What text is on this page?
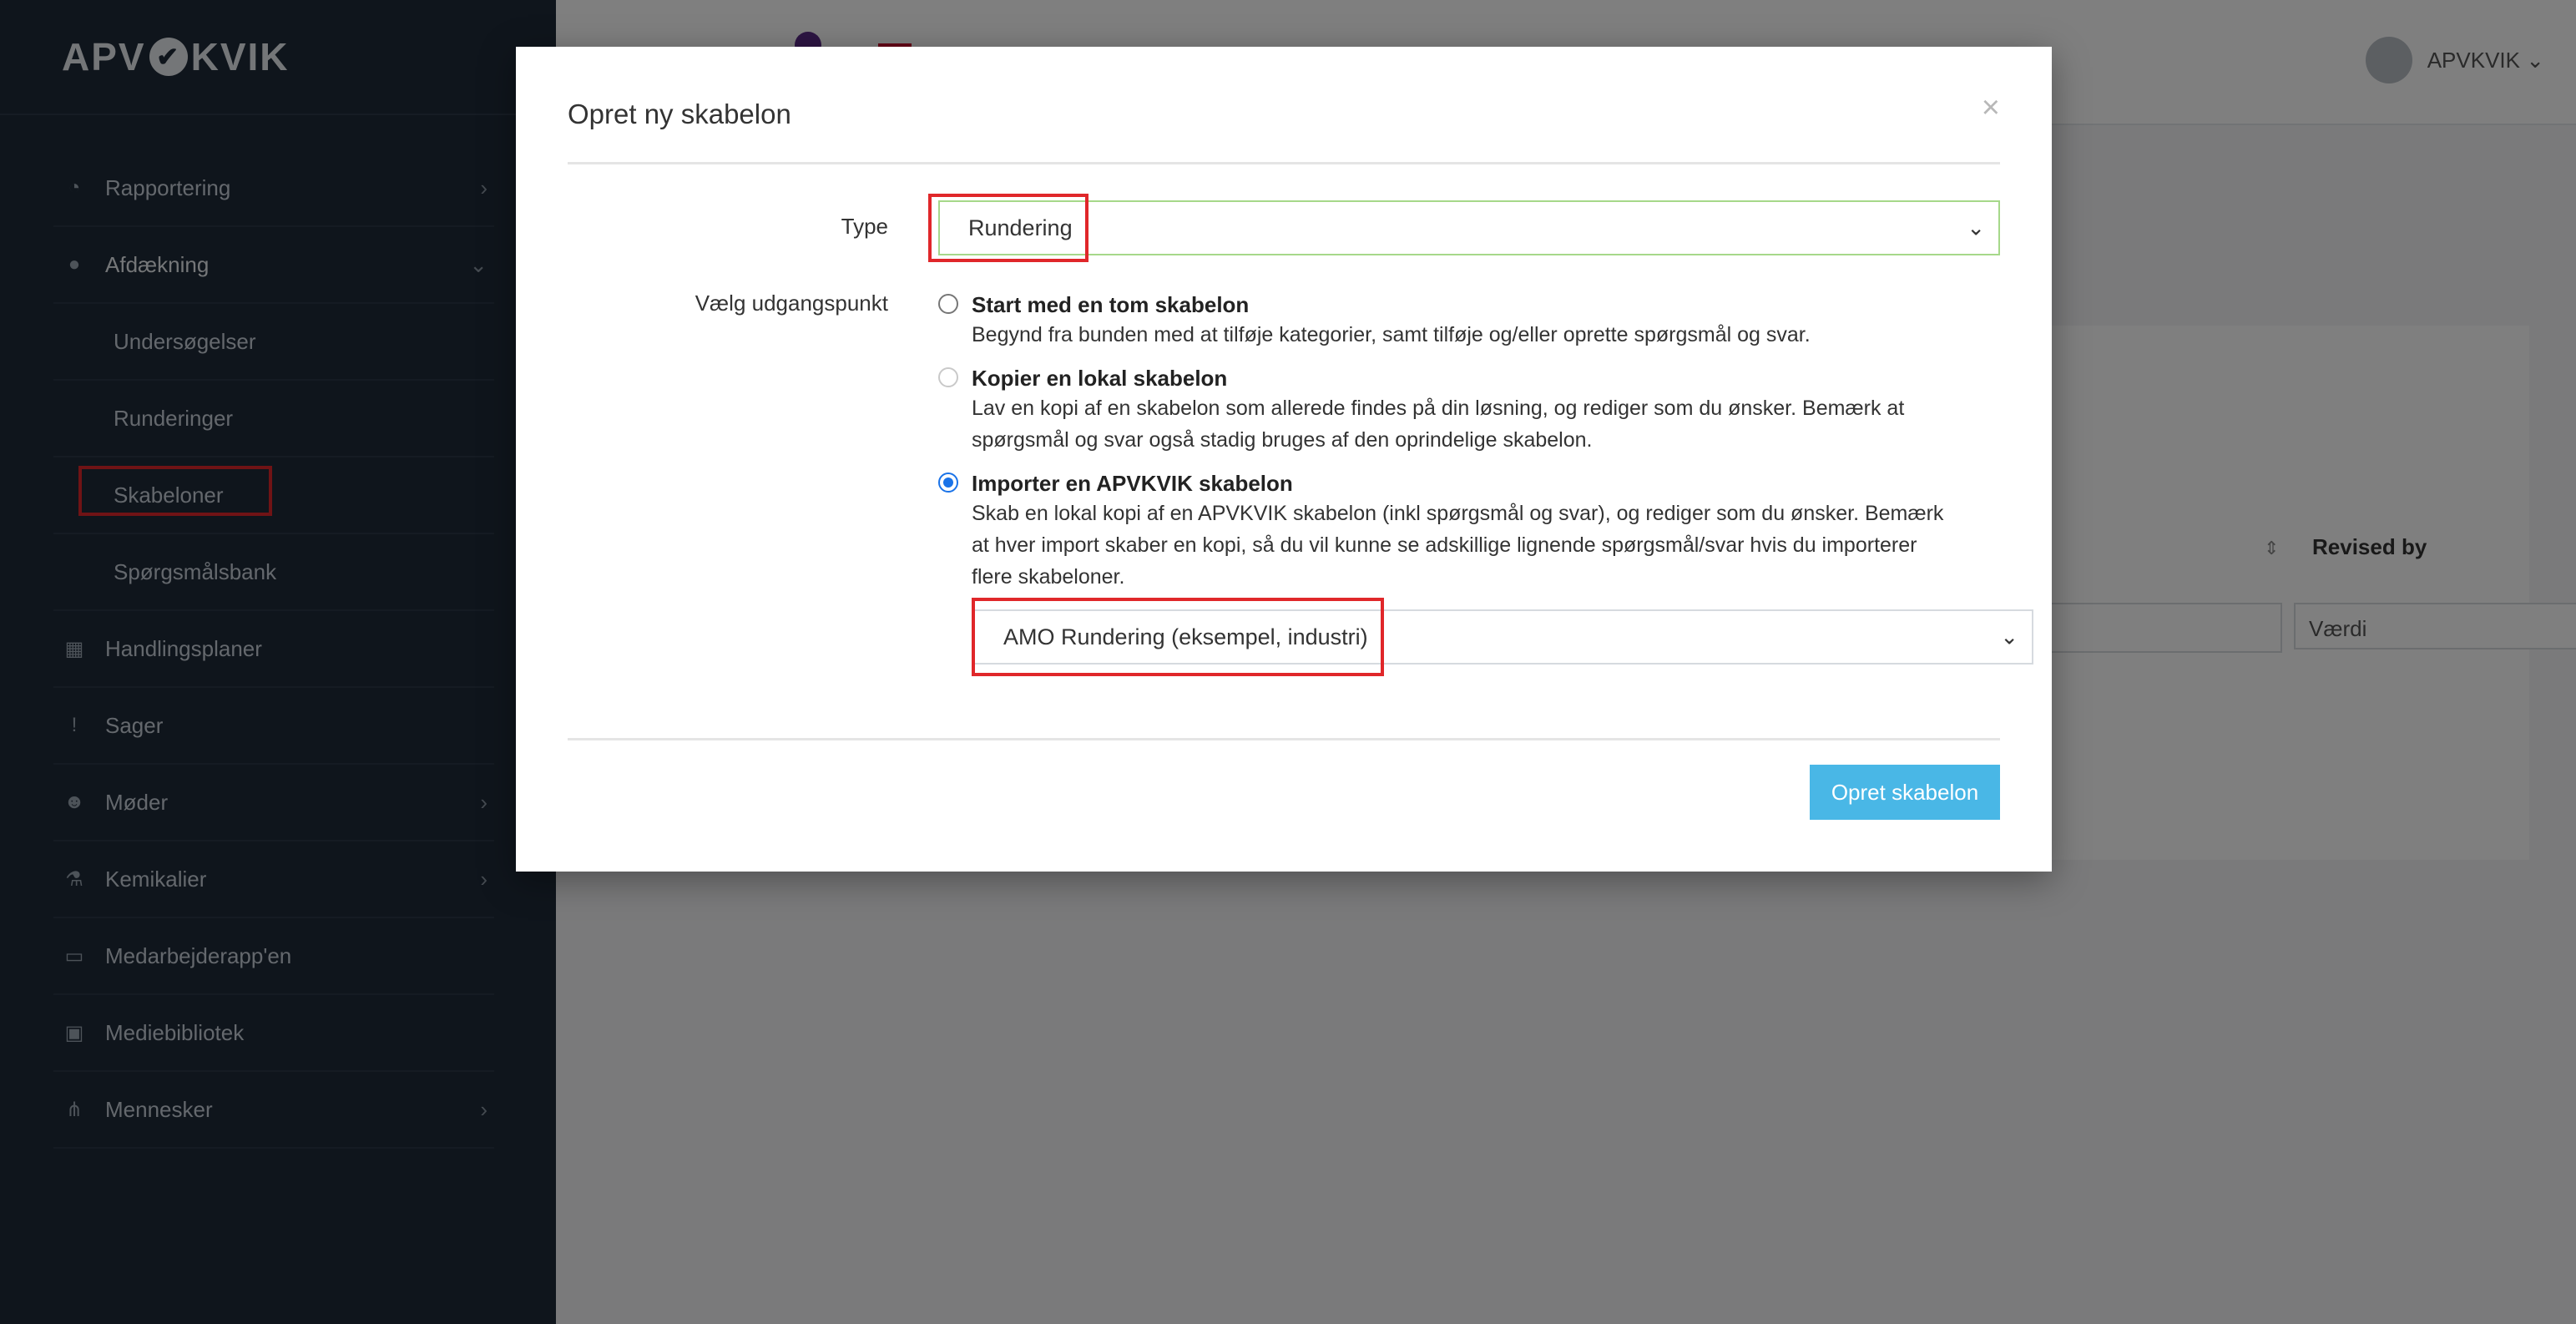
Opret ny skabelon	×
Type	Rundering	⌄
Vælg udgangspunkt	Start med en tom skabelon
Begynd fra bunden med at tilføje kategorier, samt tilføje og/eller oprette spørgsmål og svar.
Kopier en lokal skabelon
Lav en kopi af en skabelon som allerede findes på din løsning, og rediger som du ønsker. Bemærk at
spørgsmål og svar også stadig bruges af den oprindelige skabelon.
Importer en APVKVIK skabelon
Skab en lokal kopi af en APVKVIK skabelon (inkl spørgsmål og svar), og rediger som du ønsker. Bemærk
at hver import skaber en kopi, så du vil kunne se adskillige lignende spørgsmål/svar hvis du importerer
flere skabeloner.
AMO Rundering (eksempel, industri)	⌄
Opret skabelon
